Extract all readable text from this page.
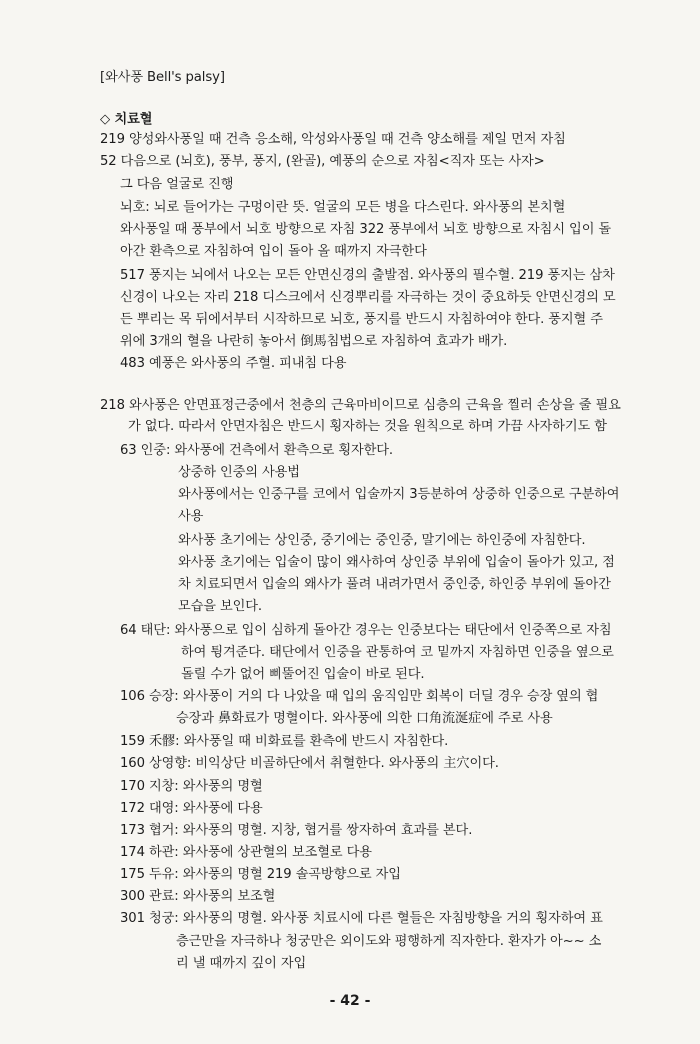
[와사풍 Bell's palsy]
◇ 치료혈
219 양성와사풍일 때 건측 응소해, 악성와사풍일 때 건측 양소해를 제일 먼저 자침
52 다음으로 (뇌호), 풍부, 풍지, (완골), 예풍의 순으로 자침<직자 또는 사자>
그 다음 얼굴로 진행
뇌호: 뇌로 들어가는 구멍이란 뜻. 얼굴의 모든 병을 다스린다. 와사풍의 본치혈
와사풍일 때 풍부에서 뇌호 방향으로 자침 322 풍부에서 뇌호 방향으로 자침시 입이 돌
아간 환측으로 자침하여 입이 돌아 올 때까지 자극한다
517 풍지는 뇌에서 나오는 모든 안면신경의 출발점. 와사풍의 필수혈. 219 풍지는 삼차
신경이 나오는 자리 218 디스크에서 신경뿌리를 자극하는 것이 중요하듯 안면신경의 모
든 뿌리는 목 뒤에서부터 시작하므로 뇌호, 풍지를 반드시 자침하여야 한다. 풍지혈 주
위에 3개의 혈을 나란히 놓아서 倒馬침법으로 자침하여 효과가 배가.
483 예풍은 와사풍의 주혈. 피내침 다용
218 와사풍은 안면표정근중에서 천층의 근육마비이므로 심층의 근육을 찔러 손상을 줄 필요
가 없다. 따라서 안면자침은 반드시 횡자하는 것을 원칙으로 하며 가끔 사자하기도 함
63 인중: 와사풍에 건측에서 환측으로 횡자한다.
상중하 인중의 사용법
와사풍에서는 인중구를 코에서 입술까지 3등분하여 상중하 인중으로 구분하여
사용
와사풍 초기에는 상인중, 중기에는 중인중, 말기에는 하인중에 자침한다.
와사풍 초기에는 입술이 많이 왜사하여 상인중 부위에 입술이 돌아가 있고, 점
차 치료되면서 입술의 왜사가 풀려 내려가면서 중인중, 하인중 부위에 돌아간
모습을 보인다.
64 태단: 와사풍으로 입이 심하게 돌아간 경우는 인중보다는 태단에서 인중쪽으로 자침
하여 튕겨준다. 태단에서 인중을 관통하여 코 밑까지 자침하면 인중을 옆으로
돌릴 수가 없어 삐뚤어진 입술이 바로 된다.
106 승장: 와사풍이 거의 다 나았을 때 입의 움직임만 회복이 더딜 경우 승장 옆의 협
승장과 鼻화료가 명혈이다. 와사풍에 의한 口角流涎症에 주로 사용
159 禾髎: 와사풍일 때 비화료를 환측에 반드시 자침한다.
160 상영향: 비익상단 비골하단에서 취혈한다. 와사풍의 主穴이다.
170 지창: 와사풍의 명혈
172 대영: 와사풍에 다용
173 협거: 와사풍의 명혈. 지창, 협거를 쌍자하여 효과를 본다.
174 하관: 와사풍에 상관혈의 보조혈로 다용
175 두유: 와사풍의 명혈 219 솔곡방향으로 자입
300 관료: 와사풍의 보조혈
301 청궁: 와사풍의 명혈. 와사풍 치료시에 다른 혈들은 자침방향을 거의 횡자하여 표
층근만을 자극하나 청궁만은 외이도와 평행하게 직자한다. 환자가 아~~ 소
리 낼 때까지 깊이 자입
- 42 -
